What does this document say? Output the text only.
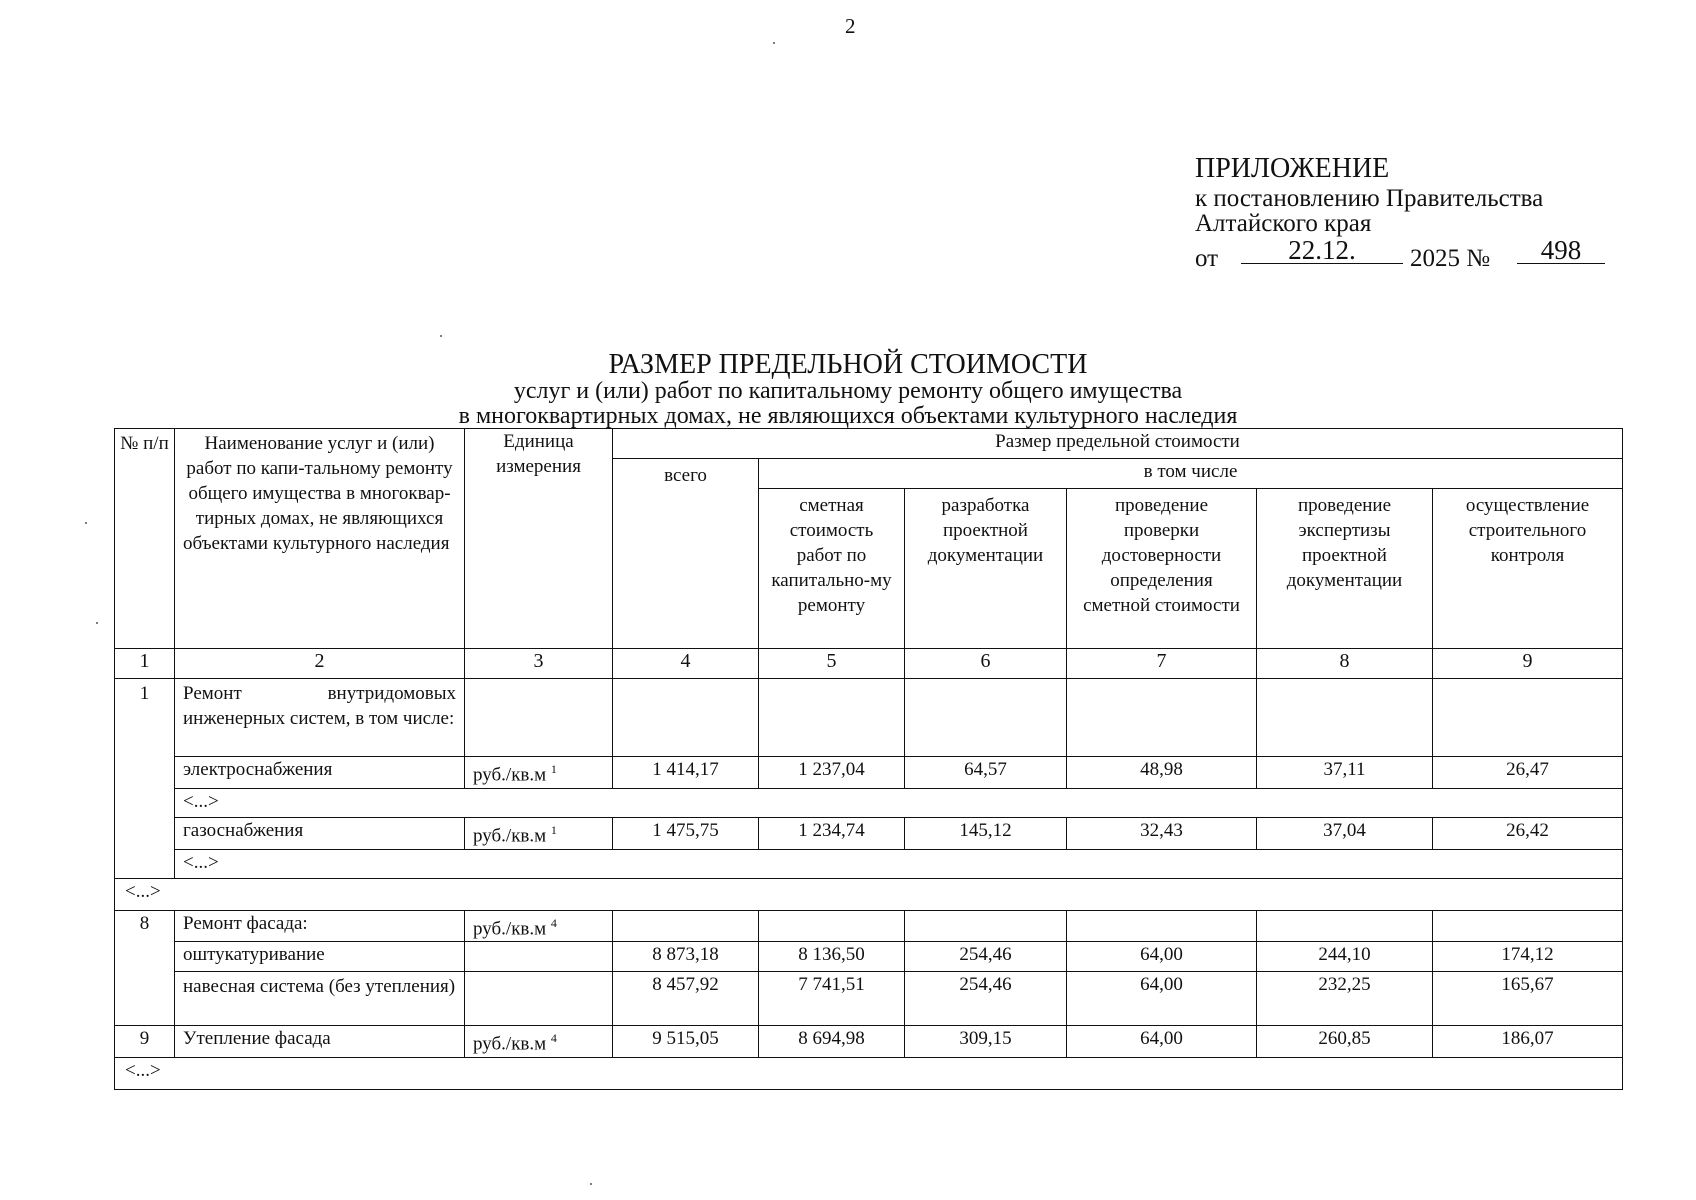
2
ПРИЛОЖЕНИЕ
к постановлению Правительства
Алтайского края
от	22.12.	2025 №	498
РАЗМЕР ПРЕДЕЛЬНОЙ СТОИМОСТИ
услуг и (или) работ по капитальному ремонту общего имущества
в многоквартирных домах, не являющихся объектами культурного наследия
№ п/п	Наименование услуг и (или) работ по капи-тальному ремонту общего имущества в многоквар-тирных домах, не являющихся объектами культурного наследия	Единица измерения	Размер предельной стоимости					
			всего	в том числе				
				сметная стоимость работ по капитально-му ремонту	разработка проектной документации	проведение проверки достоверности определения сметной стоимости	проведение экспертизы проектной документации	осуществление строительного контроля
1	2	3	4	5	6	7	8	9
1	Ремонт внутридомовых инженерных систем, в том числе:							
	электроснабжения	руб./кв.м $^1$	1 414,17	1 237,04	64,57	48,98	37,11	26,47
	<...>							
	газоснабжения	руб./кв.м $^1$	1 475,75	1 234,74	145,12	32,43	37,04	26,42
	<...>							
<...>								
8	Ремонт фасада:	руб./кв.м $^4$						
	оштукатуривание		8 873,18	8 136,50	254,46	64,00	244,10	174,12
	навесная система (без утепления)		8 457,92	7 741,51	254,46	64,00	232,25	165,67
9	Утепление фасада	руб./кв.м $^4$	9 515,05	8 694,98	309,15	64,00	260,85	186,07
<...>								
